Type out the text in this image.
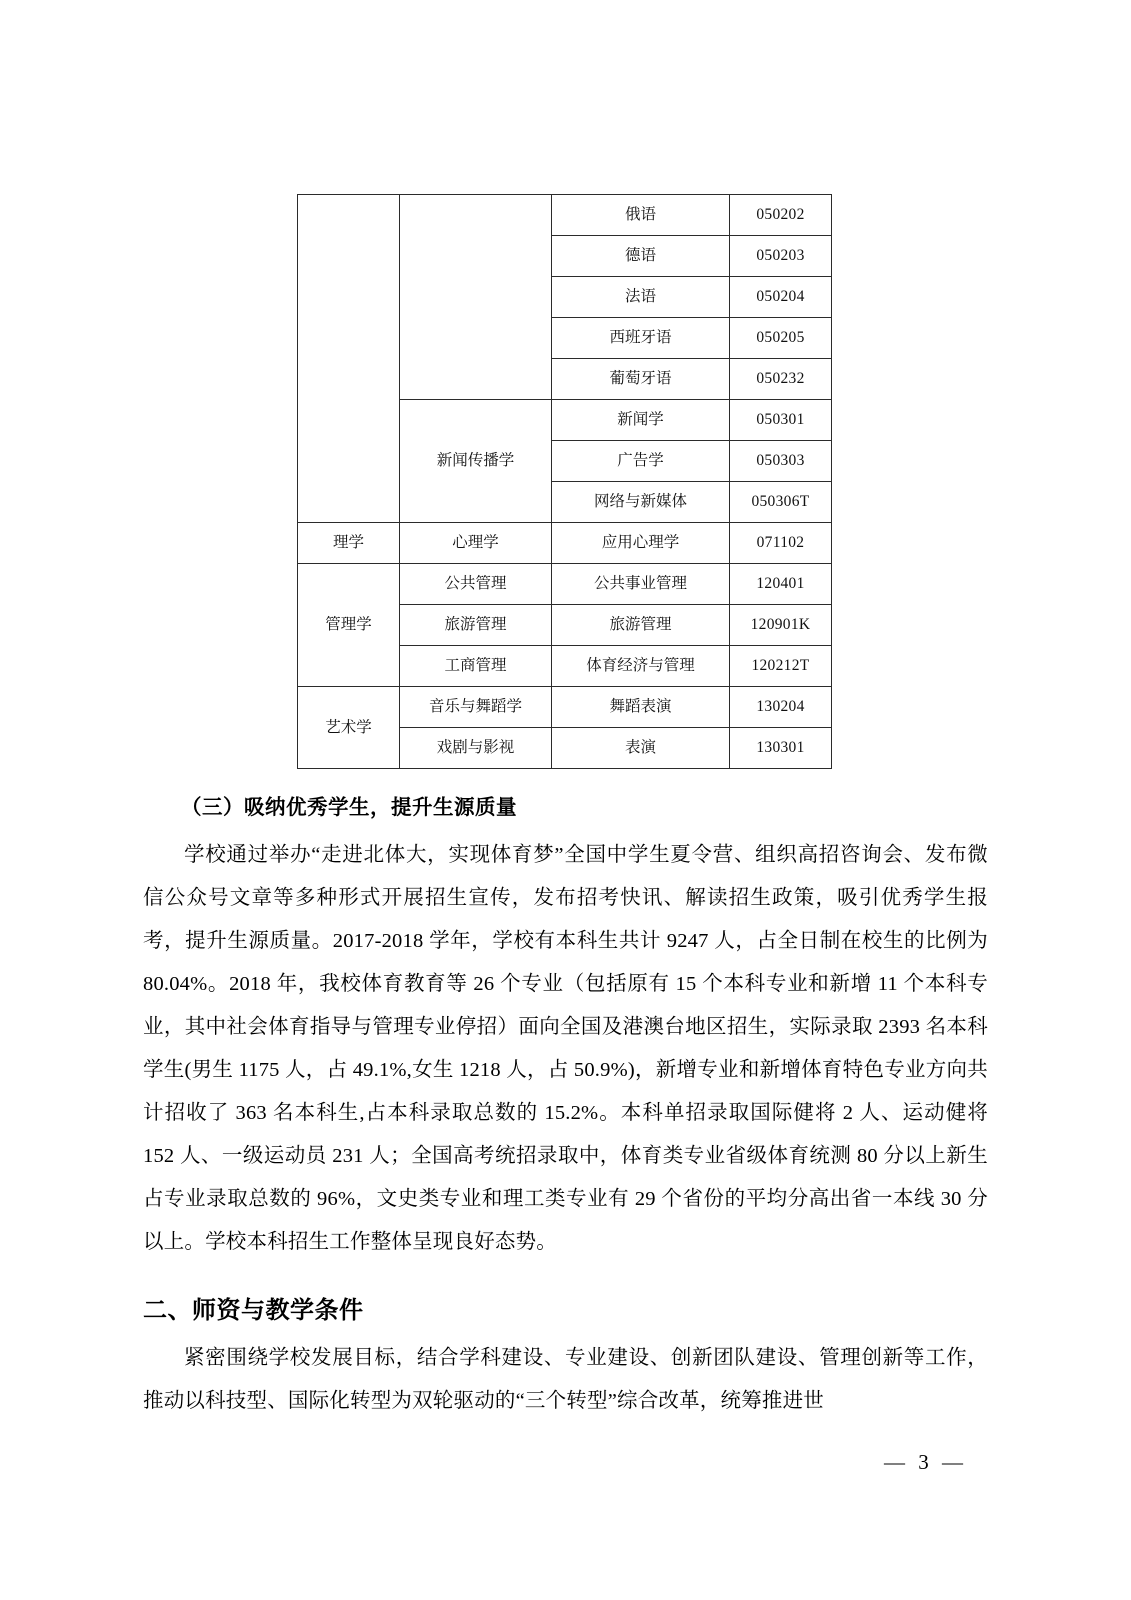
		俄语	050202
		德语	050203
		法语	050204
		西班牙语	050205
		葡萄牙语	050232
	新闻传播学	新闻学	050301
		广告学	050303
		网络与新媒体	050306T
理学	心理学	应用心理学	071102
管理学	公共管理	公共事业管理	120401
	旅游管理	旅游管理	120901K
	工商管理	体育经济与管理	120212T
艺术学	音乐与舞蹈学	舞蹈表演	130204
	戏剧与影视	表演	130301
（三）吸纳优秀学生，提升生源质量

学校通过举办“走进北体大，实现体育梦”全国中学生夏令营、组织高招咨询会、发布微信公众号文章等多种形式开展招生宣传，发布招考快讯、解读招生政策，吸引优秀学生报考，提升生源质量。2017-2018 学年，学校有本科生共计 9247 人，占全日制在校生的比例为 80.04%。2018 年，我校体育教育等 26 个专业（包括原有 15 个本科专业和新增 11 个本科专业，其中社会体育指导与管理专业停招）面向全国及港澳台地区招生，实际录取 2393 名本科学生(男生 1175 人，占 49.1%,女生 1218 人，占 50.9%)，新增专业和新增体育特色专业方向共计招收了 363 名本科生,占本科录取总数的 15.2%。本科单招录取国际健将 2 人、运动健将 152 人、一级运动员 231 人；全国高考统招录取中，体育类专业省级体育统测 80 分以上新生占专业录取总数的 96%，文史类专业和理工类专业有 29 个省份的平均分高出省一本线 30 分以上。学校本科招生工作整体呈现良好态势。

二、师资与教学条件

紧密围绕学校发展目标，结合学科建设、专业建设、创新团队建设、管理创新等工作，推动以科技型、国际化转型为双轮驱动的“三个转型”综合改革，统筹推进世

— 3 —
